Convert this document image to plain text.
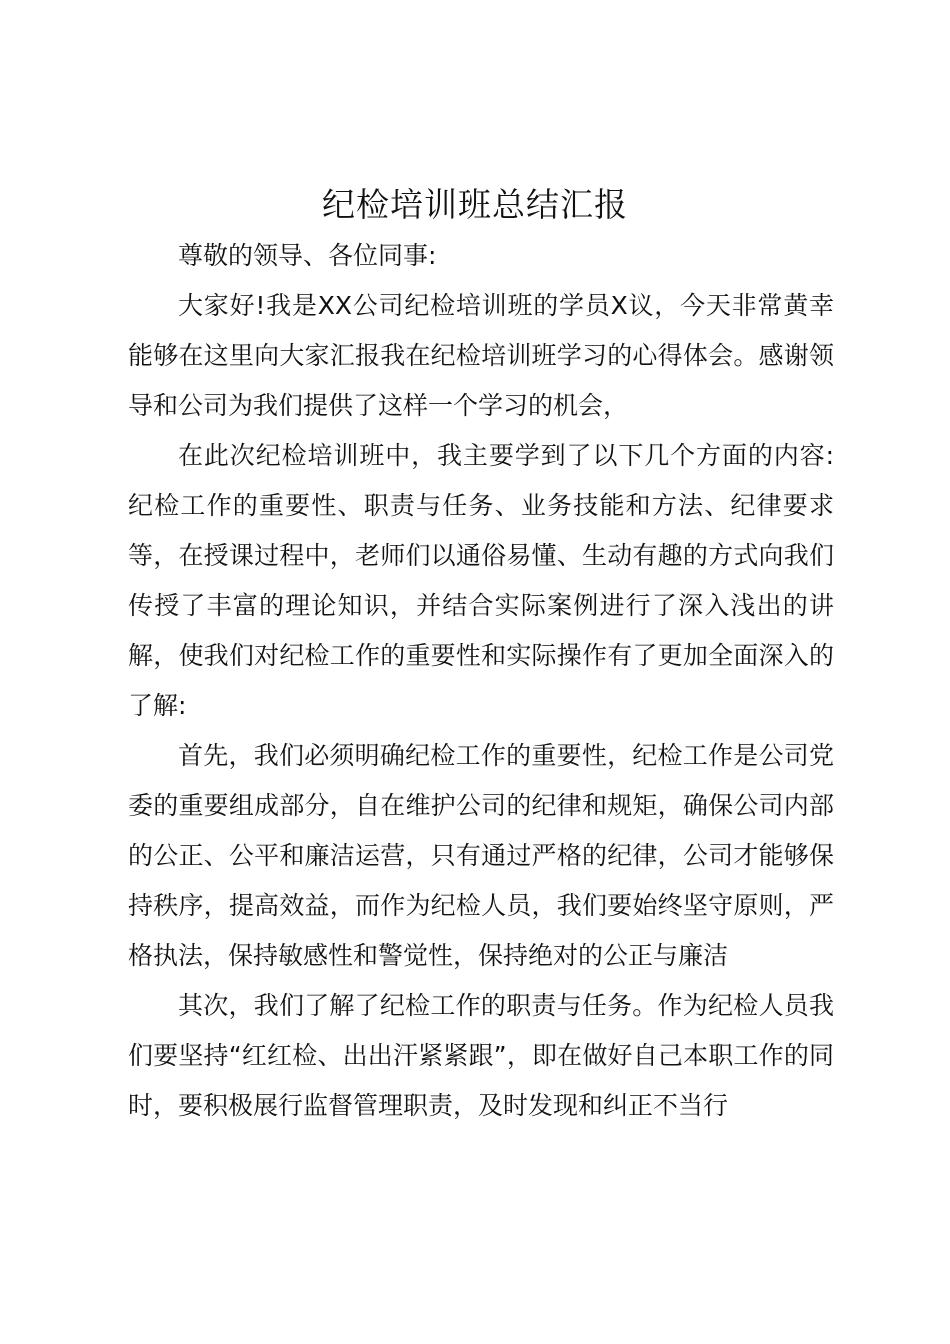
纪检培训班总结汇报

尊敬的领导、各位同事:

大家好!我是XX公司纪检培训班的学员X议，今天非常黄幸能够在这里向大家汇报我在纪检培训班学习的心得体会。感谢领导和公司为我们提供了这样一个学习的机会，

在此次纪检培训班中，我主要学到了以下几个方面的内容:纪检工作的重要性、职责与任务、业务技能和方法、纪律要求等，在授课过程中，老师们以通俗易懂、生动有趣的方式向我们传授了丰富的理论知识，并结合实际案例进行了深入浅出的讲解，使我们对纪检工作的重要性和实际操作有了更加全面深入的了解:

首先，我们必须明确纪检工作的重要性，纪检工作是公司党委的重要组成部分，自在维护公司的纪律和规矩，确保公司内部的公正、公平和廉洁运营，只有通过严格的纪律，公司才能够保持秩序，提高效益，而作为纪检人员，我们要始终坚守原则，严格执法，保持敏感性和警觉性，保持绝对的公正与廉洁

其次，我们了解了纪检工作的职责与任务。作为纪检人员我们要坚持“红红检、出出汗紧紧跟”，即在做好自己本职工作的同时，要积极展行监督管理职责，及时发现和纠正不当行
